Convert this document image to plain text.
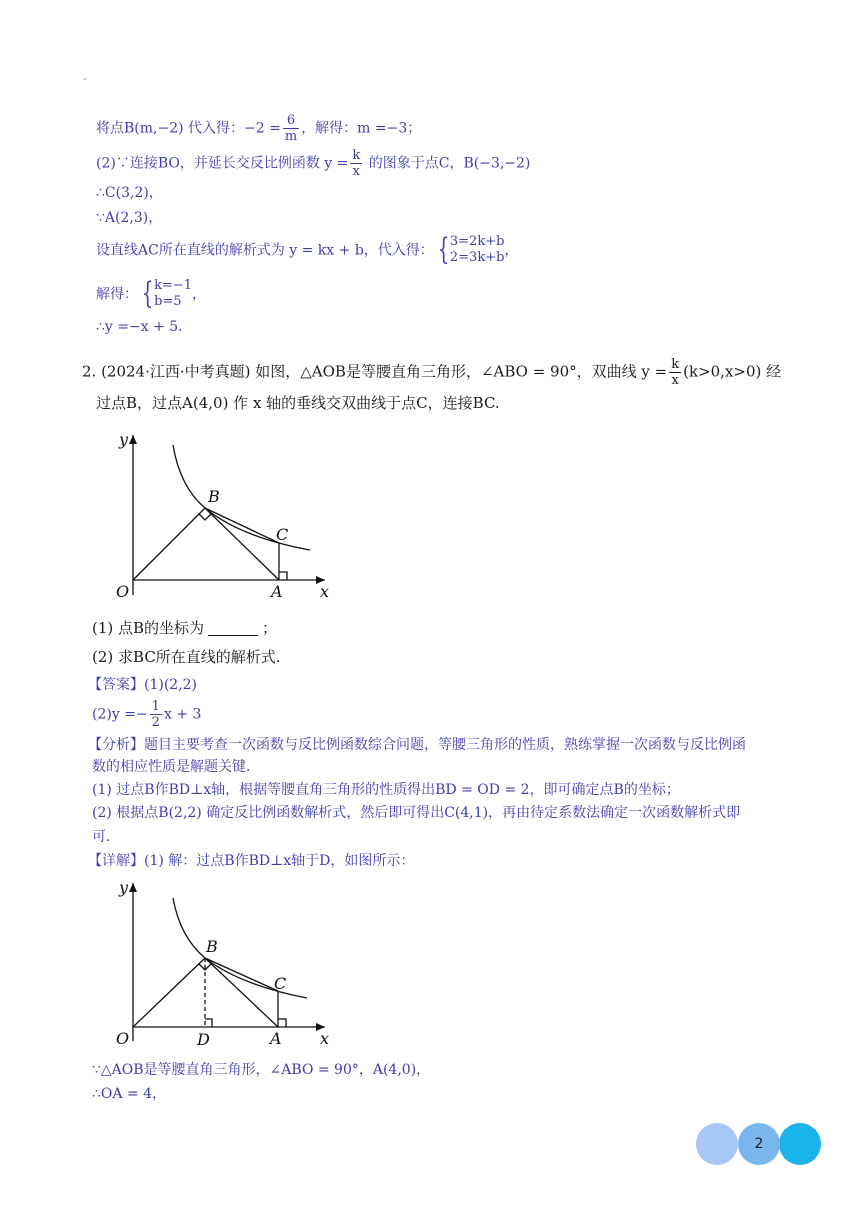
将点B(m,−2) 代入得：$-2 = \frac{6}{m}$ ，解得：m =−3；
(2)∵连接BO，并延长交反比例函数 $y = \frac{k}{x}$ 的图象于点C，B(−3,−2)
∴C(3,2)，
∵A(2,3)，
设直线AC所在直线的解析式为 y = kx + b，代入得： { 3=2k+b
2=3k+b ，
解得： { k=−1
b=5 ，
∴y =−x + 5.
2. (2024·江西·中考真题) 如图，△AOB是等腰直角三角形，∠ABO = 90°，双曲线 $y = \frac{k}{x} (k>0,x>0)$ 经
过点B，过点A(4,0) 作 x 轴的垂线交双曲线于点C，连接BC.
y
x
O	A
B
C
(1) 点B的坐标为	；
(2) 求BC所在直线的解析式.
【答案】(1)(2,2)
$(2)y =- \frac{1}{2}$ x + 3
【分析】题目主要考查一次函数与反比例函数综合问题，等腰三角形的性质，熟练掌握一次函数与反比例函
数的相应性质是解题关键.
(1) 过点B作BD⊥x轴，根据等腰直角三角形的性质得出BD = OD = 2，即可确定点B的坐标；
(2) 根据点B(2,2) 确定反比例函数解析式，然后即可得出C(4,1)，再由待定系数法确定一次函数解析式即
可.
【详解】(1) 解：过点B作BD⊥x轴于D，如图所示：
y
x
O	D	A
B
C
∵△AOB是等腰直角三角形，∠ABO = 90°，A(4,0)，
∴OA = 4，
2
